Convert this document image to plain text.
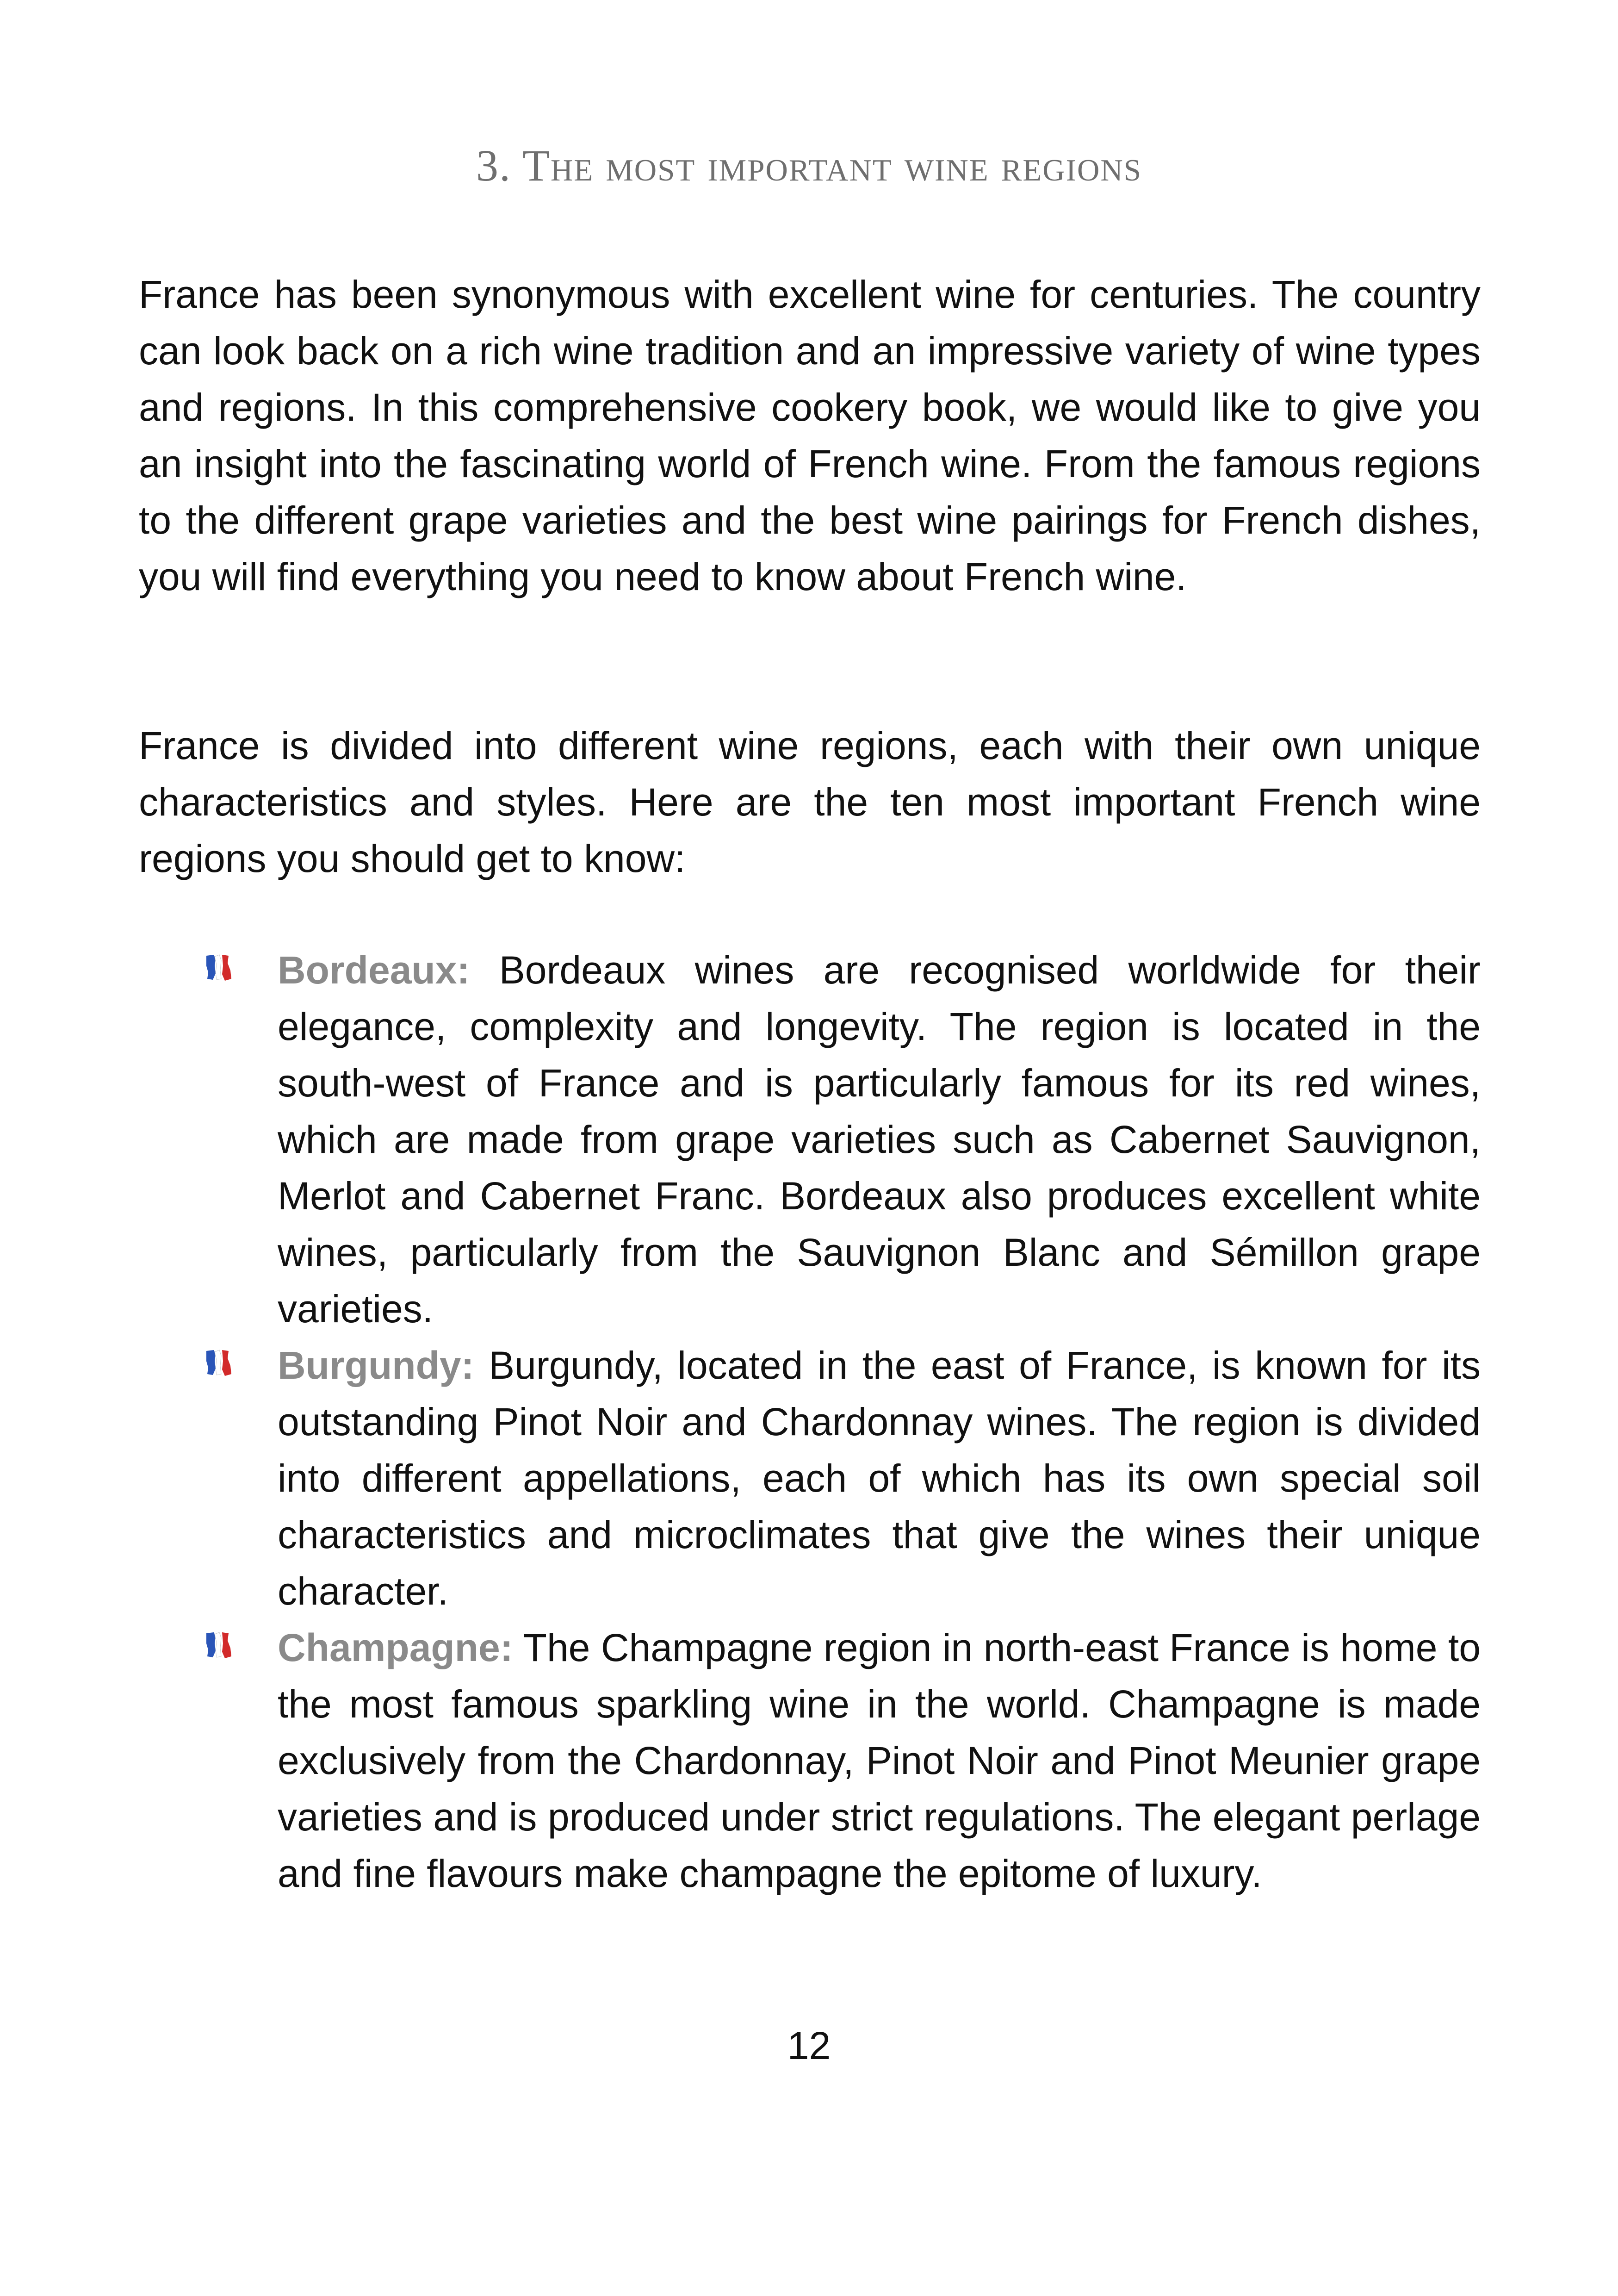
3. The most important wine regions

France has been synonymous with excellent wine for centuries. The country can look back on a rich wine tradition and an impressive variety of wine types and regions. In this comprehensive cookery book, we would like to give you an insight into the fascinating world of French wine. From the famous regions to the different grape varieties and the best wine pairings for French dishes, you will find everything you need to know about French wine.

France is divided into different wine regions, each with their own unique characteristics and styles. Here are the ten most important French wine regions you should get to know:

Bordeaux: Bordeaux wines are recognised worldwide for their elegance, complexity and longevity. The region is located in the south-west of France and is particularly famous for its red wines, which are made from grape varieties such as Cabernet Sauvignon, Merlot and Cabernet Franc. Bordeaux also produces excellent white wines, particularly from the Sauvignon Blanc and Sémillon grape varieties.
Burgundy: Burgundy, located in the east of France, is known for its outstanding Pinot Noir and Chardonnay wines. The region is divided into different appellations, each of which has its own special soil characteristics and microclimates that give the wines their unique character.
Champagne: The Champagne region in north-east France is home to the most famous sparkling wine in the world. Champagne is made exclusively from the Chardonnay, Pinot Noir and Pinot Meunier grape varieties and is produced under strict regulations. The elegant perlage and fine flavours make champagne the epitome of luxury.
12
